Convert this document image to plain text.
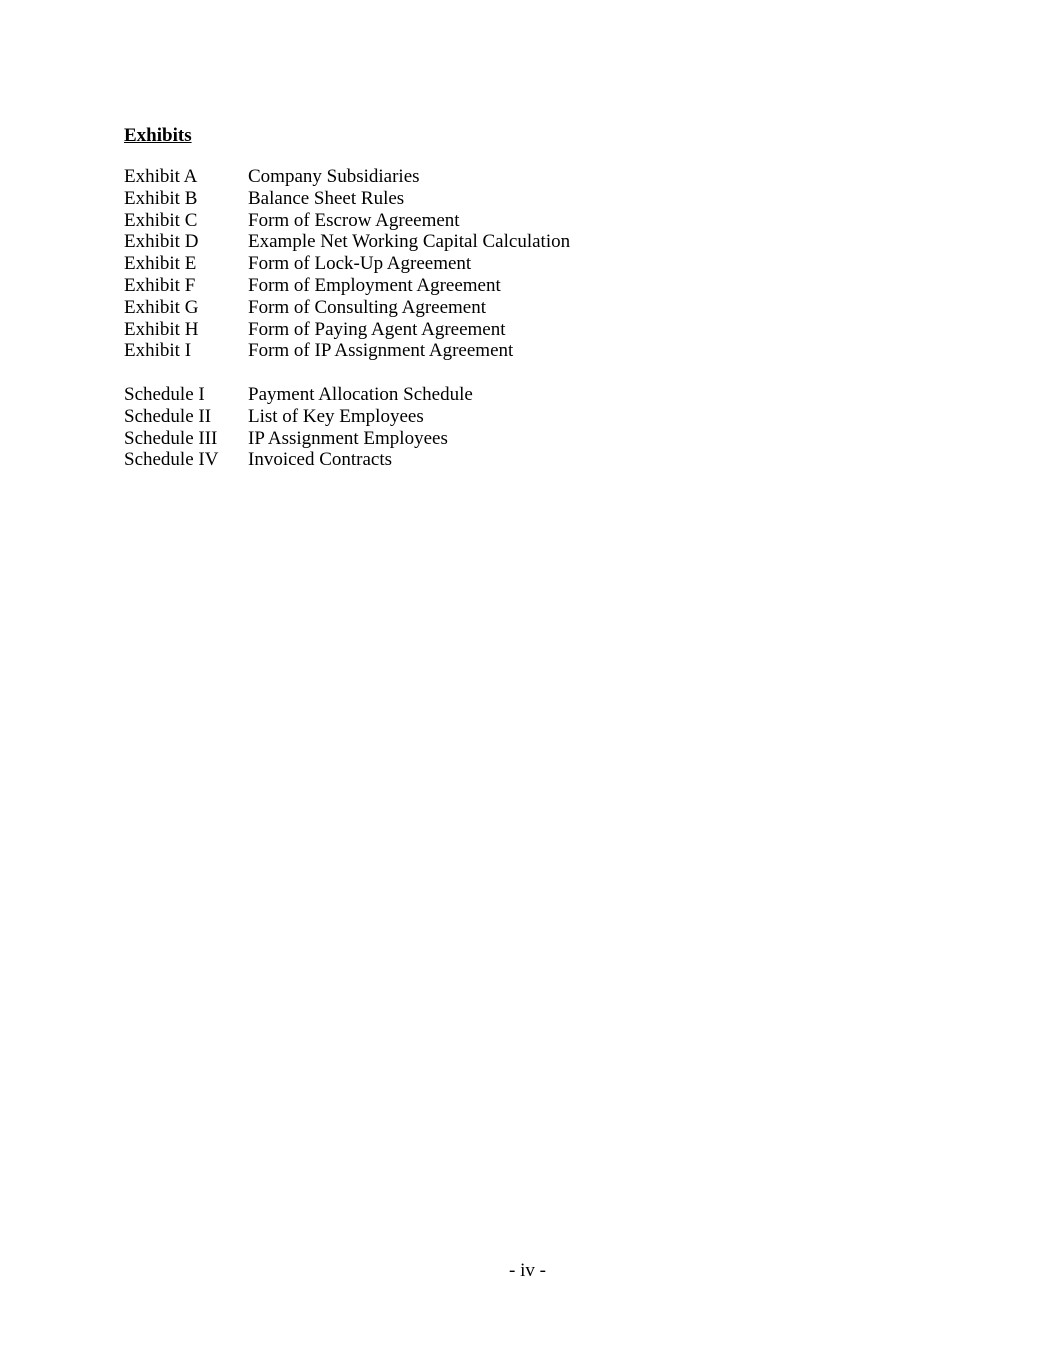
Exhibits
Exhibit A	Company Subsidiaries
Exhibit B	Balance Sheet Rules
Exhibit C	Form of Escrow Agreement
Exhibit D	Example Net Working Capital Calculation
Exhibit E	Form of Lock-Up Agreement
Exhibit F	Form of Employment Agreement
Exhibit G	Form of Consulting Agreement
Exhibit H	Form of Paying Agent Agreement
Exhibit I	Form of IP Assignment Agreement
Schedule I	Payment Allocation Schedule
Schedule II	List of Key Employees
Schedule III	IP Assignment Employees
Schedule IV	Invoiced Contracts
- iv -
